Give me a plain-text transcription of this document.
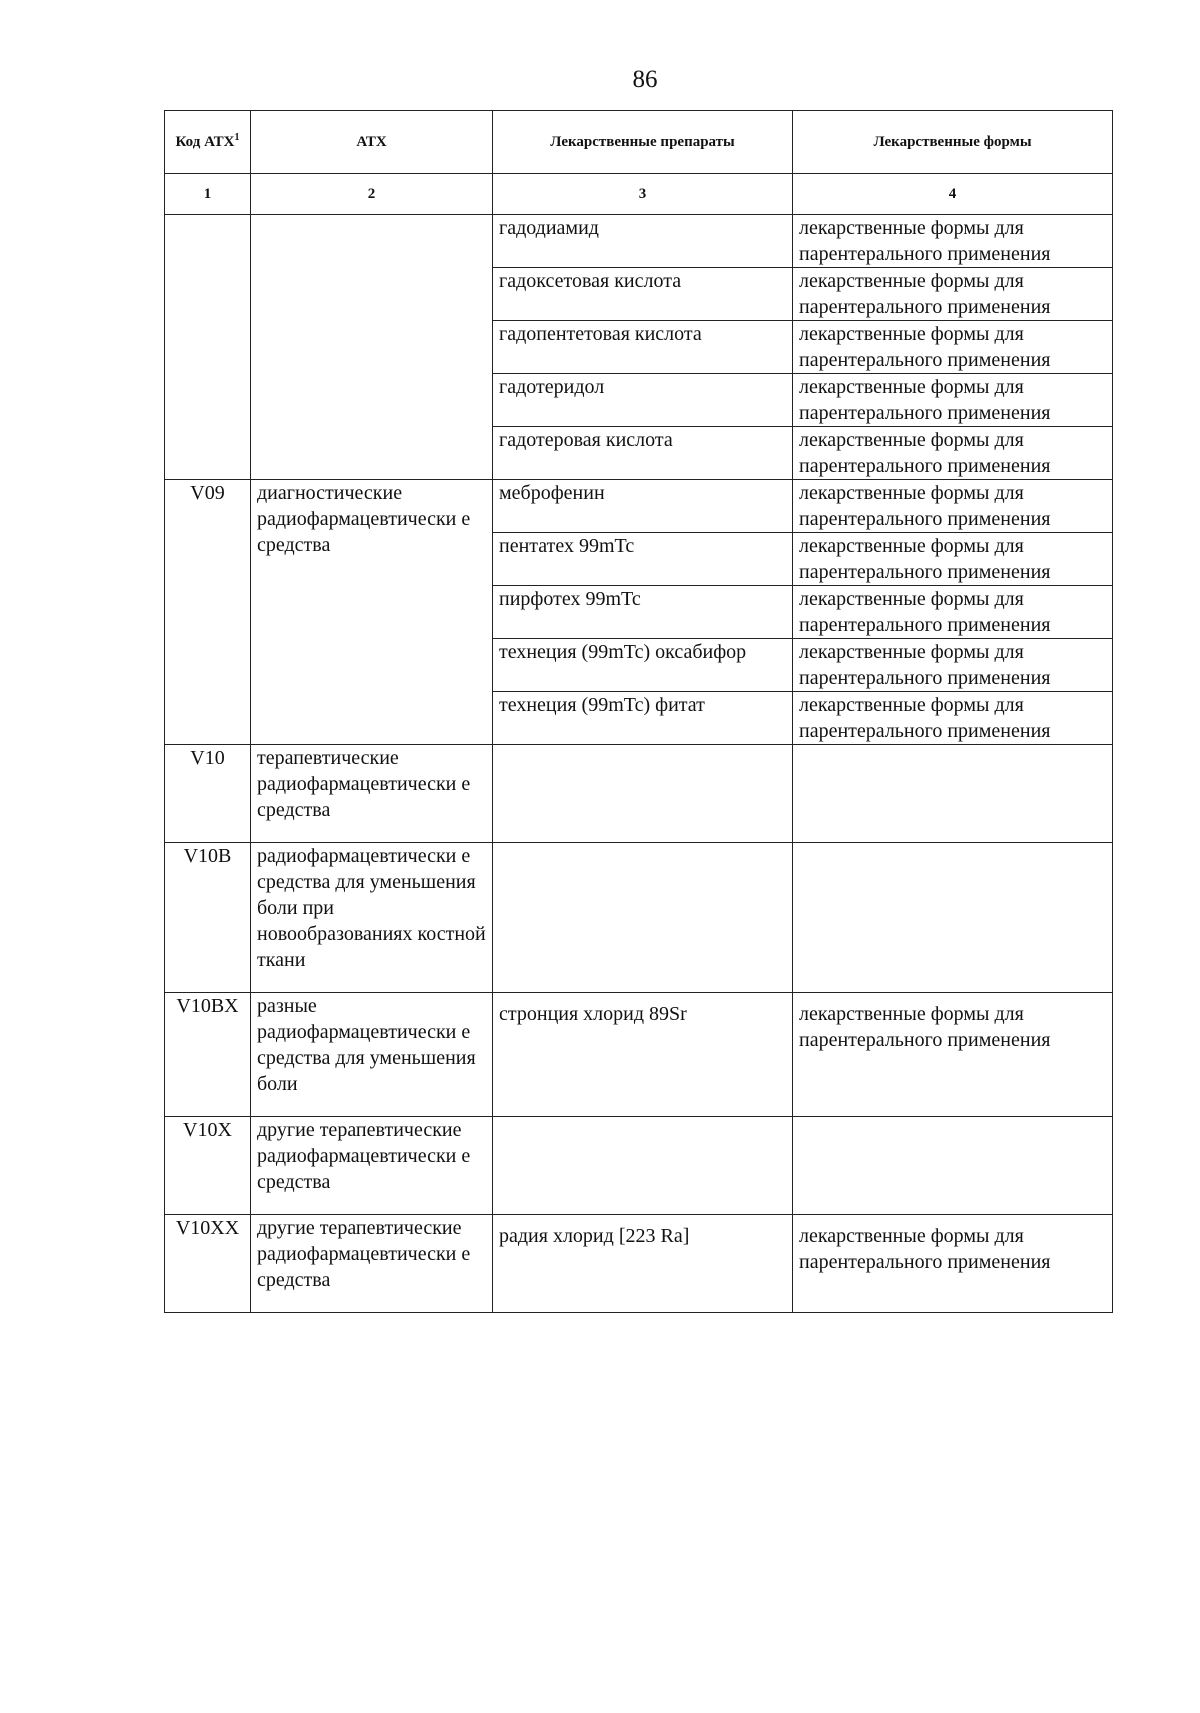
86
Код АТХ$^1$	АТХ	Лекарственные препараты	Лекарственные формы
1	2	3	4
		гадодиамид	лекарственные формы для парентерального применения
		гадоксетовая кислота	лекарственные формы для парентерального применения
		гадопентетовая кислота	лекарственные формы для парентерального применения
		гадотеридол	лекарственные формы для парентерального применения
		гадотеровая кислота	лекарственные формы для парентерального применения
V09	диагностические радиофармацевтически е средства	меброфенин	лекарственные формы для парентерального применения
		пентатех 99mTc	лекарственные формы для парентерального применения
		пирфотех 99mTc	лекарственные формы для парентерального применения
		технеция (99mTc) оксабифор	лекарственные формы для парентерального применения
		технеция (99mTc) фитат	лекарственные формы для парентерального применения
V10	терапевтические радиофармацевтически е средства		
V10B	радиофармацевтически е средства для уменьшения боли при новообразованиях костной ткани		
V10BX	разные радиофармацевтически е средства для уменьшения боли	стронция хлорид 89Sr	лекарственные формы для парентерального применения
V10X	другие терапевтические радиофармацевтически е средства		
V10XX	другие терапевтические радиофармацевтически е средства	радия хлорид [223 Ra]	лекарственные формы для парентерального применения
